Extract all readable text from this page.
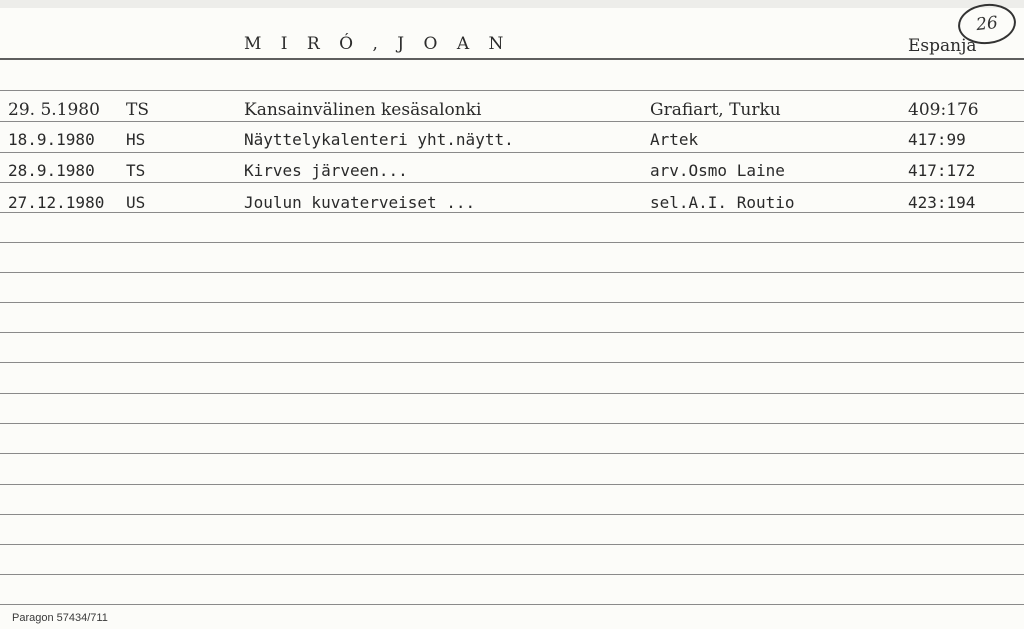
M I R Ó , J O A N	Espanja
26
29. 5.1980 TS	Kansainvälinen kesäsalonki	Grafiart, Turku	409:176
18.9.1980 HS	Näyttelykalenteri yht.näytt.	Artek	417:99
28.9.1980 TS	Kirves järveen...	arv.Osmo Laine	417:172
27.12.1980 US	Joulun kuvaterveiset ...	sel.A.I. Routio	423:194
Paragon 57434/711
